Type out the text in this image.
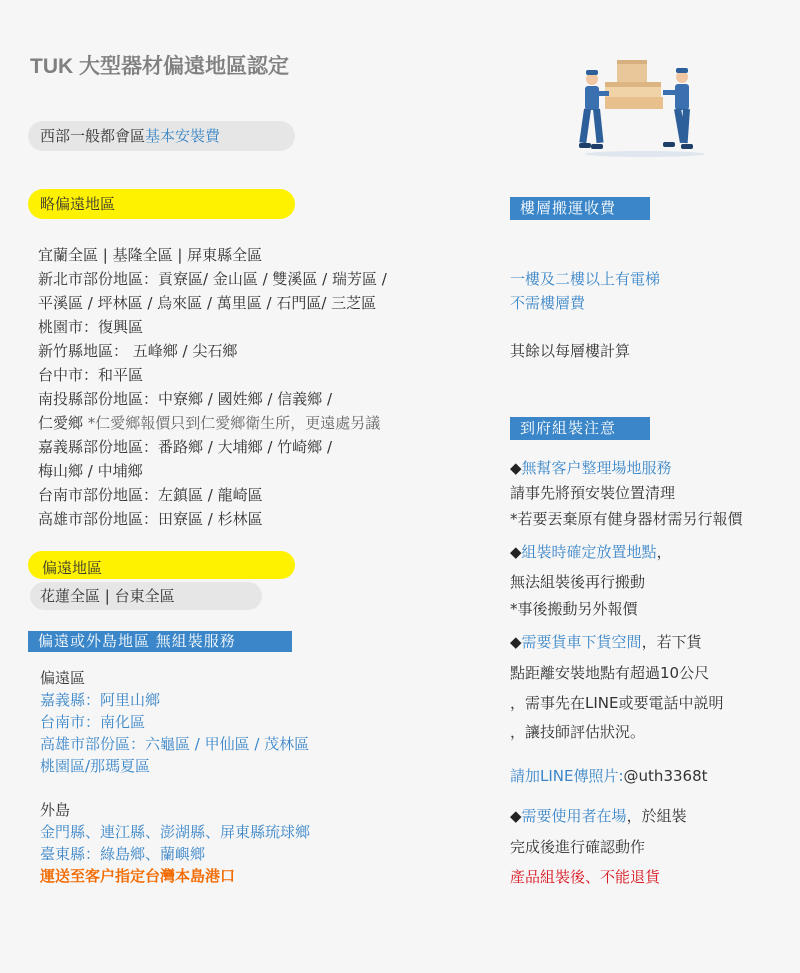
TUK 大型器材偏遠地區認定
西部一般都會區基本安裝費
略偏遠地區
宜蘭全區 | 基隆全區 | 屏東縣全區
新北市部份地區：貢寮區/ 金山區 / 雙溪區 / 瑞芳區 /
平溪區 / 坪林區 / 烏來區 / 萬里區 / 石門區/ 三芝區
桃園市：復興區
新竹縣地區： 五峰鄉 / 尖石鄉
台中市：和平區
南投縣部份地區：中寮鄉 / 國姓鄉 / 信義鄉 /
仁愛鄉 *仁愛鄉報價只到仁愛鄉衛生所，更遠處另議
嘉義縣部份地區：番路鄉 / 大埔鄉 / 竹崎鄉 /
梅山鄉 / 中埔鄉
台南市部份地區：左鎮區 / 龍崎區
高雄市部份地區：田寮區 / 杉林區
偏遠地區
花蓮全區 | 台東全區
偏遠或外島地區 無組裝服務
偏遠區
嘉義縣：阿里山鄉
台南市：南化區
高雄市部份區：六龜區 / 甲仙區 / 茂林區
桃園區/那瑪夏區
外島
金門縣、連江縣、澎湖縣、屏東縣琉球鄉
臺東縣：綠島鄉、蘭嶼鄉
運送至客户指定台灣本島港口
樓層搬運收費
一樓及二樓以上有電梯
不需樓層費
其餘以每層樓計算
到府組裝注意
◆無幫客户整理場地服務
請事先將預安裝位置清理
*若要丟棄原有健身器材需另行報價
◆組裝時確定放置地點，
無法組裝後再行搬動
*事後搬動另外報價
◆需要貨車下貨空間，若下貨
點距離安裝地點有超過10公尺
，需事先在LINE或要電話中説明
，讓技師評估狀況。
請加LINE傳照片:@uth3368t
◆需要使用者在場，於組裝
完成後進行確認動作
產品組裝後、不能退貨
